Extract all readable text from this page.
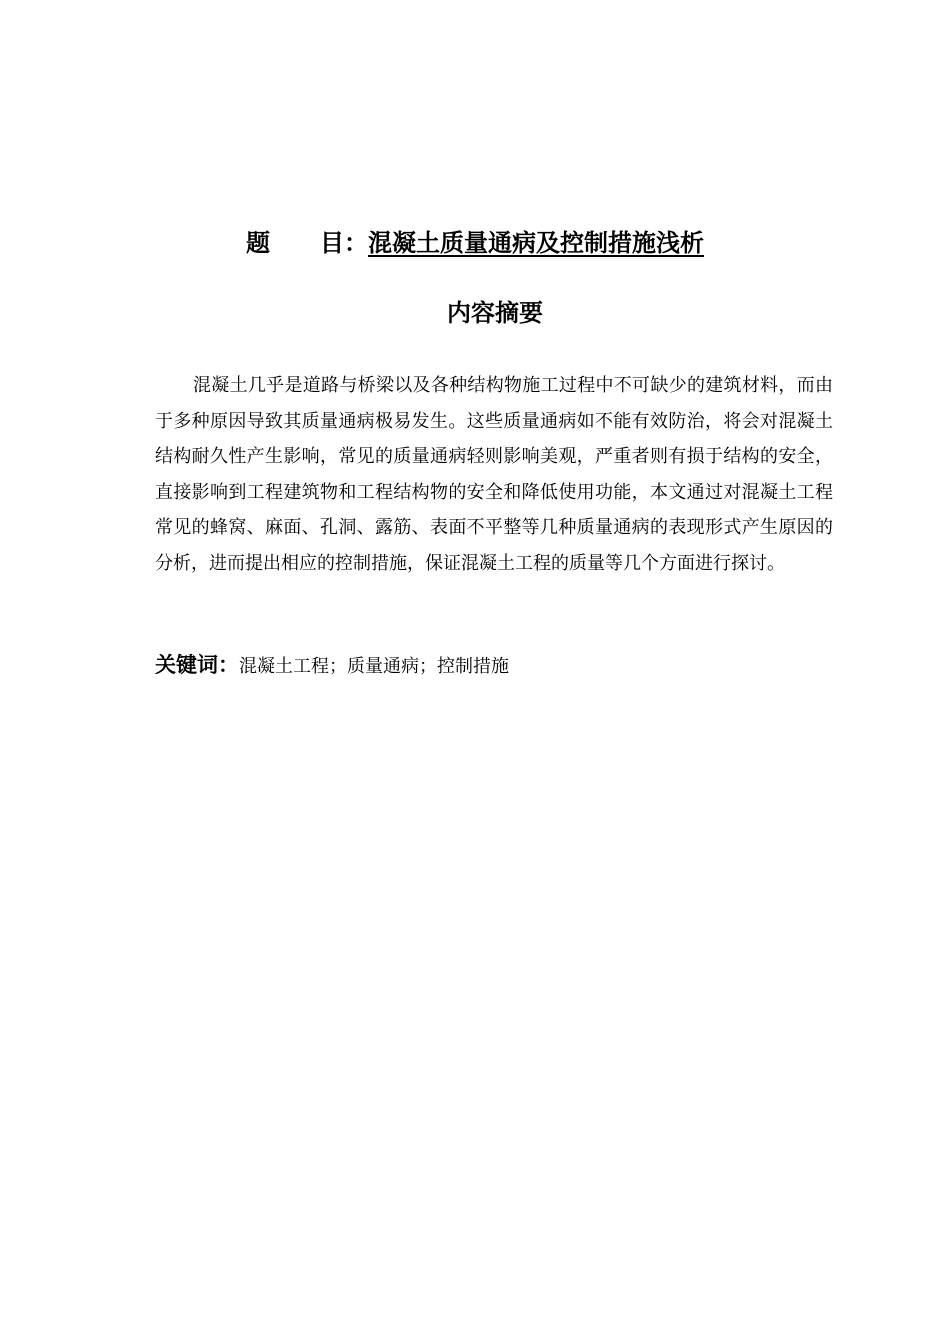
题 目：混凝土质量通病及控制措施浅析
内容摘要

混凝土几乎是道路与桥梁以及各种结构物施工过程中不可缺少的建筑材料，而由于多种原因导致其质量通病极易发生。这些质量通病如不能有效防治，将会对混凝土结构耐久性产生影响，常见的质量通病轻则影响美观，严重者则有损于结构的安全，直接影响到工程建筑物和工程结构物的安全和降低使用功能，本文通过对混凝土工程常见的蜂窝、麻面、孔洞、露筋、表面不平整等几种质量通病的表现形式产生原因的分析，进而提出相应的控制措施，保证混凝土工程的质量等几个方面进行探讨。

关键词：混凝土工程；质量通病；控制措施
